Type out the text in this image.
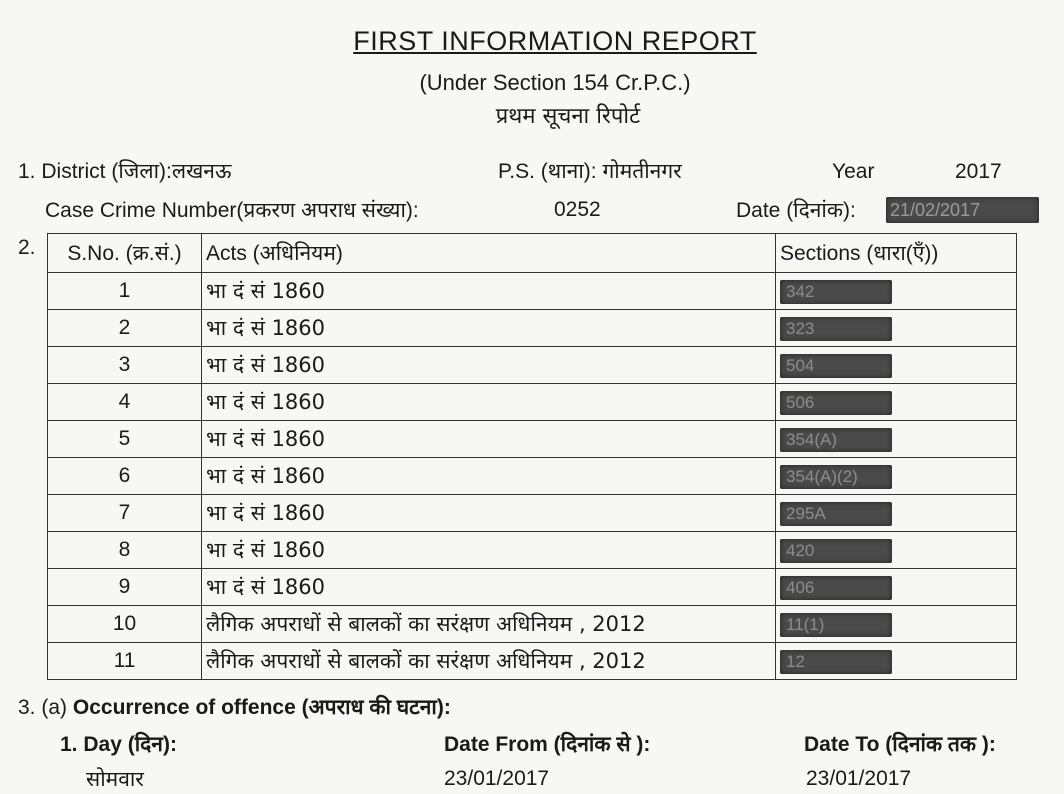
FIRST INFORMATION REPORT
(Under Section 154 Cr.P.C.)
प्रथम सूचना रिपोर्ट
1. District (जिला):लखनऊ	P.S. (थाना): गोमतीनगर	Year	2017
Case Crime Number(प्रकरण अपराध संख्या):	0252	Date (दिनांक): 21/02/2017
2. S.No. (क्र.सं.)	Acts (अधिनियम)	Sections (धारा(एँ))
1	भा दं सं 1860	342
2	भा दं सं 1860	323
3	भा दं सं 1860	504
4	भा दं सं 1860	506
5	भा दं सं 1860	354(A)
6	भा दं सं 1860	354(A)(2)
7	भा दं सं 1860	295A
8	भा दं सं 1860	420
9	भा दं सं 1860	406
10	लैगिक अपराधों से बालकों का सरंक्षण अधिनियम , 2012	11(1)
11	लैगिक अपराधों से बालकों का सरंक्षण अधिनियम , 2012	12
3. (a) Occurrence of offence (अपराध की घटना):
1. Day (दिन):
सोमवार
Date From (दिनांक से ):
23/01/2017
Date To (दिनांक तक ):
23/01/2017
